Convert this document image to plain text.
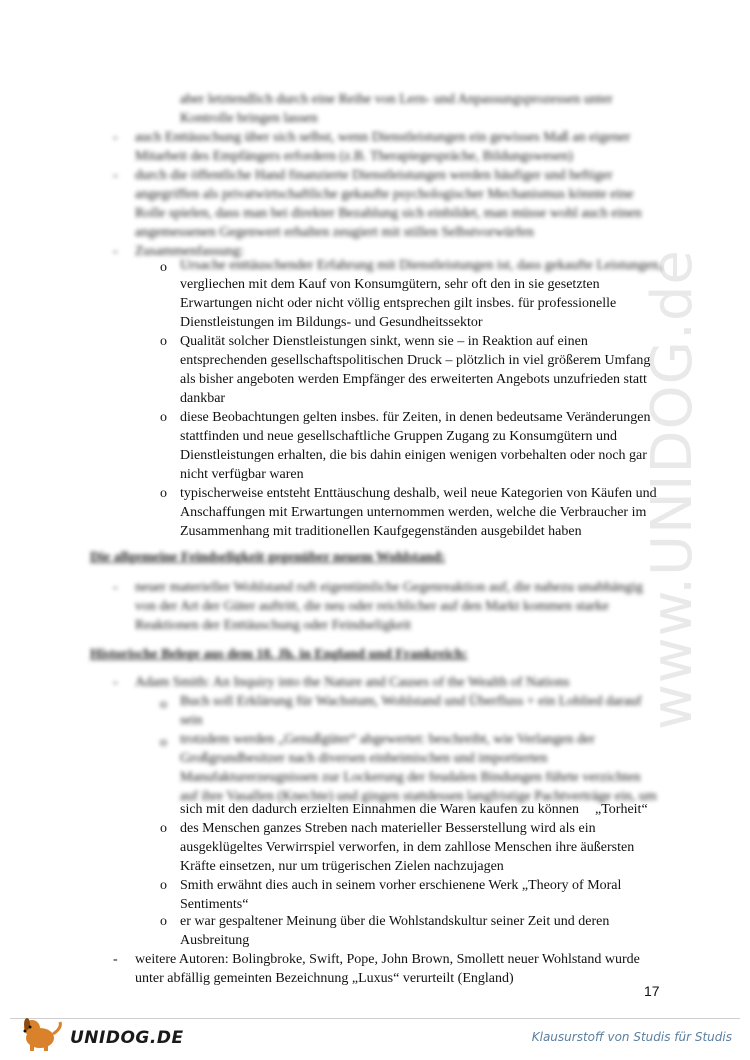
www.UNIDOG.de
aber letztendlich durch eine Reihe von Lern- und Anpassungsprozessen unter
Kontrolle bringen lassen
- auch Enttäuschung über sich selbst, wenn Dienstleistungen ein gewisses Maß an eigener
Mitarbeit des Empfängers erfordern (z.B. Therapiegespräche, Bildungswesen)
- durch die öffentliche Hand finanzierte Dienstleistungen werden häufiger und heftiger
angegriffen als privatwirtschaftliche gekaufte psychologischer Mechanismus könnte eine
Rolle spielen, dass man bei direkter Bezahlung sich einbildet, man müsse wohl auch einen
angemessenen Gegenwert erhalten zeugiert mit stillen Selbstvorwürfen
- Zusammenfassung:
o Ursache enttäuschender Erfahrung mit Dienstleistungen ist, dass gekaufte Leistungen,
vergliechen mit dem Kauf von Konsumgütern, sehr oft den in sie gesetzten
Erwartungen nicht oder nicht völlig entsprechen gilt insbes. für professionelle
Dienstleistungen im Bildungs- und Gesundheitssektor
o Qualität solcher Dienstleistungen sinkt, wenn sie – in Reaktion auf einen
entsprechenden gesellschaftspolitischen Druck – plötzlich in viel größerem Umfang
als bisher angeboten werden Empfänger des erweiterten Angebots unzufrieden statt
dankbar
o diese Beobachtungen gelten insbes. für Zeiten, in denen bedeutsame Veränderungen
stattfinden und neue gesellschaftliche Gruppen Zugang zu Konsumgütern und
Dienstleistungen erhalten, die bis dahin einigen wenigen vorbehalten oder noch gar
nicht verfügbar waren
o typischerweise entsteht Enttäuschung deshalb, weil neue Kategorien von Käufen und
Anschaffungen mit Erwartungen unternommen werden, welche die Verbraucher im
Zusammenhang mit traditionellen Kaufgegenständen ausgebildet haben
Die allgemeine Feindseligkeit gegenüber neuem Wohlstand:
- neuer materieller Wohlstand ruft eigentümliche Gegenreaktion auf, die nahezu unabhängig
von der Art der Güter auftritt, die neu oder reichlicher auf den Markt kommen starke
Reaktionen der Enttäuschung oder Feindseligkeit
Historische Belege aus dem 18. Jh. in England und Frankreich:
- Adam Smith: An Inquiry into the Nature and Causes of the Wealth of Nations
o Buch soll Erklärung für Wachstum, Wohlstand und Überfluss + ein Loblied darauf
sein
o trotzdem werden „Genußgüter“ abgewertet: beschreibt, wie Verlangen der
Großgrundbesitzer nach diversen einheimischen und importierten
Manufakturerzeugnissen zur Lockerung der feudalen Bindungen führte verzichten
auf ihre Vasallen (Knechte) und gingen stattdessen langfristige Pachtverträge ein, um
sich mit den dadurch erzielten Einnahmen die Waren kaufen zu können „Torheit“
o des Menschen ganzes Streben nach materieller Besserstellung wird als ein
ausgeklügeltes Verwirrspiel verworfen, in dem zahllose Menschen ihre äußersten
Kräfte einsetzen, nur um trügerischen Zielen nachzujagen
o Smith erwähnt dies auch in seinem vorher erschienene Werk „Theory of Moral
Sentiments“
o er war gespaltener Meinung über die Wohlstandskultur seiner Zeit und deren
Ausbreitung
- weitere Autoren: Bolingbroke, Swift, Pope, John Brown, Smollett neuer Wohlstand wurde
unter abfällig gemeinten Bezeichnung „Luxus“ verurteilt (England)
17
UNIDOG.DE	Klausurstoff von Studis für Studis
